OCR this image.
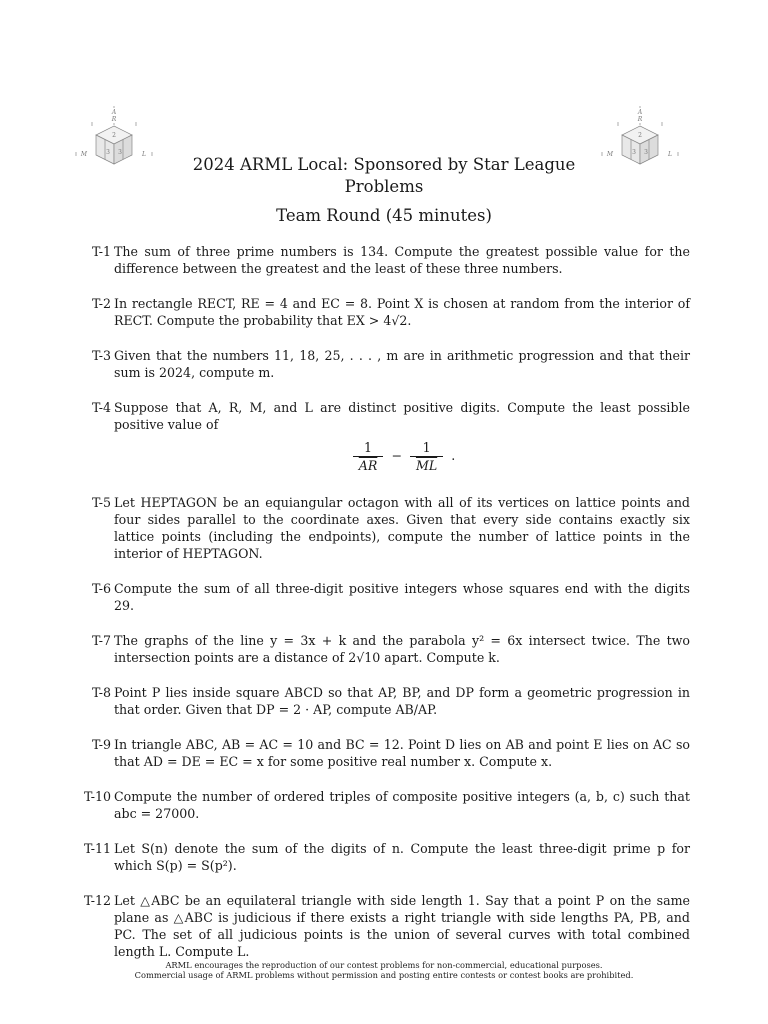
A
R
M	L
2
3 3
A
R
M	L
2
3 3
2024 ARML Local: Sponsored by Star League
Problems
Team Round (45 minutes)
T-1 The sum of three prime numbers is 134. Compute the greatest possible value for the difference between the greatest and the least of these three numbers.
T-2 In rectangle RECT, RE = 4 and EC = 8. Point X is chosen at random from the interior of RECT. Compute the probability that EX > 4√2.
T-3 Given that the numbers 11, 18, 25, . . . , m are in arithmetic progression and that their sum is 2024, compute m.
T-4 Suppose that A, R, M, and L are distinct positive digits. Compute the least possible positive value of
$\frac{1}{AR} - \frac{1}{ML}$ .
T-5 Let HEPTAGON be an equiangular octagon with all of its vertices on lattice points and four sides parallel to the coordinate axes. Given that every side contains exactly six lattice points (including the endpoints), compute the number of lattice points in the interior of HEPTAGON.
T-6 Compute the sum of all three-digit positive integers whose squares end with the digits 29.
T-7 The graphs of the line y = 3x + k and the parabola y² = 6x intersect twice. The two intersection points are a distance of 2√10 apart. Compute k.
T-8 Point P lies inside square ABCD so that AP, BP, and DP form a geometric progression in that order. Given that DP = 2 · AP, compute AB/AP.
T-9 In triangle ABC, AB = AC = 10 and BC = 12. Point D lies on AB and point E lies on AC so that AD = DE = EC = x for some positive real number x. Compute x.
T-10 Compute the number of ordered triples of composite positive integers (a, b, c) such that abc = 27000.
T-11 Let S(n) denote the sum of the digits of n. Compute the least three-digit prime p for which S(p) = S(p²).
T-12 Let △ABC be an equilateral triangle with side length 1. Say that a point P on the same plane as △ABC is judicious if there exists a right triangle with side lengths PA, PB, and PC. The set of all judicious points is the union of several curves with total combined length L. Compute L.
ARML encourages the reproduction of our contest problems for non-commercial, educational purposes.
Commercial usage of ARML problems without permission and posting entire contests or contest books are prohibited.
